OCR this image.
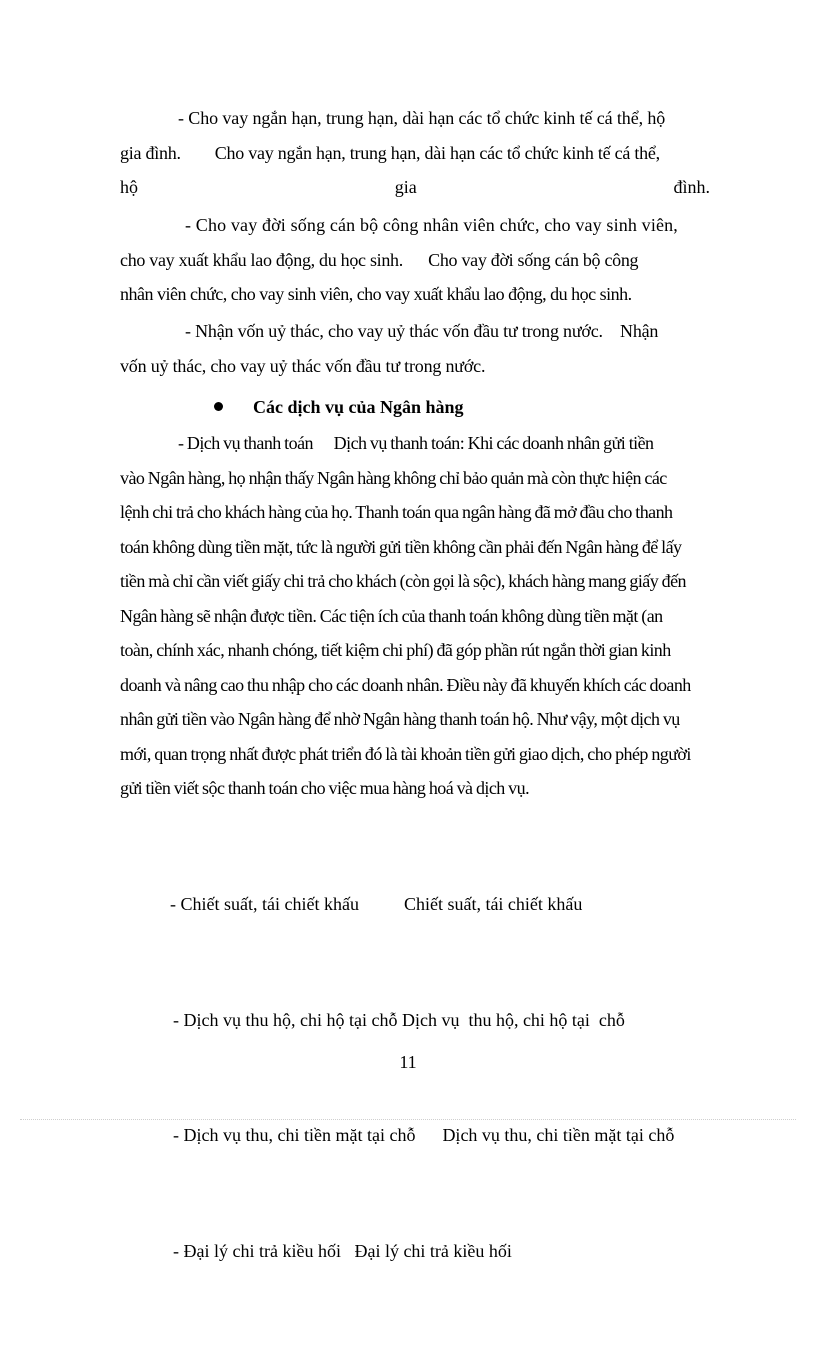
- Cho vay ngắn hạn, trung hạn, dài hạn các tổ chức kinh tế cá thể, hộ
gia đình.        Cho vay ngắn hạn, trung hạn, dài hạn các tổ chức kinh tế cá thể,
hộ	gia	đình.
- Cho vay đời sống cán bộ công nhân viên chức, cho vay sinh viên,
cho vay xuất khẩu lao động, du học sinh.      Cho vay đời sống cán bộ công
nhân viên chức, cho vay sinh viên, cho vay xuất khẩu lao động, du học sinh.
- Nhận vốn uỷ thác, cho vay uỷ thác vốn đầu tư trong nước.    Nhận
vốn uỷ thác, cho vay uỷ thác vốn đầu tư trong nước.
Các dịch vụ của Ngân hàng
- Dịch vụ thanh toán      Dịch vụ thanh toán: Khi các doanh nhân gửi tiền
vào Ngân hàng, họ nhận thấy Ngân hàng không chỉ bảo quản mà còn thực hiện các
lệnh chi trả cho khách hàng của họ. Thanh toán qua ngân hàng đã mở đầu cho thanh
toán không dùng tiền mặt, tức là người gửi tiền không cần phải đến Ngân hàng để lấy
tiền mà chỉ cần viết giấy chi trả cho khách (còn gọi là sộc), khách hàng mang giấy đến
Ngân hàng sẽ nhận được tiền. Các tiện ích của thanh toán không dùng tiền mặt (an
toàn, chính xác, nhanh chóng, tiết kiệm chi phí) đã góp phần rút ngắn thời gian kinh
doanh và nâng cao thu nhập cho các doanh nhân. Điều này đã khuyến khích các doanh
nhân gửi tiền vào Ngân hàng để nhờ Ngân hàng thanh toán hộ. Như vậy, một dịch vụ
mới, quan trọng nhất được phát triển đó là tài khoản tiền gửi giao dịch, cho phép người
gửi tiền viết sộc thanh toán cho việc mua hàng hoá và dịch vụ.

- Chiết suất, tái chiết khấu          Chiết suất, tái chiết khấu

- Dịch vụ thu hộ, chi hộ tại chỗ Dịch vụ  thu hộ, chi hộ tại  chỗ

- Dịch vụ thu, chi tiền mặt tại chỗ      Dịch vụ thu, chi tiền mặt tại chỗ

- Đại lý chi trả kiều hối   Đại lý chi trả kiều hối

11
